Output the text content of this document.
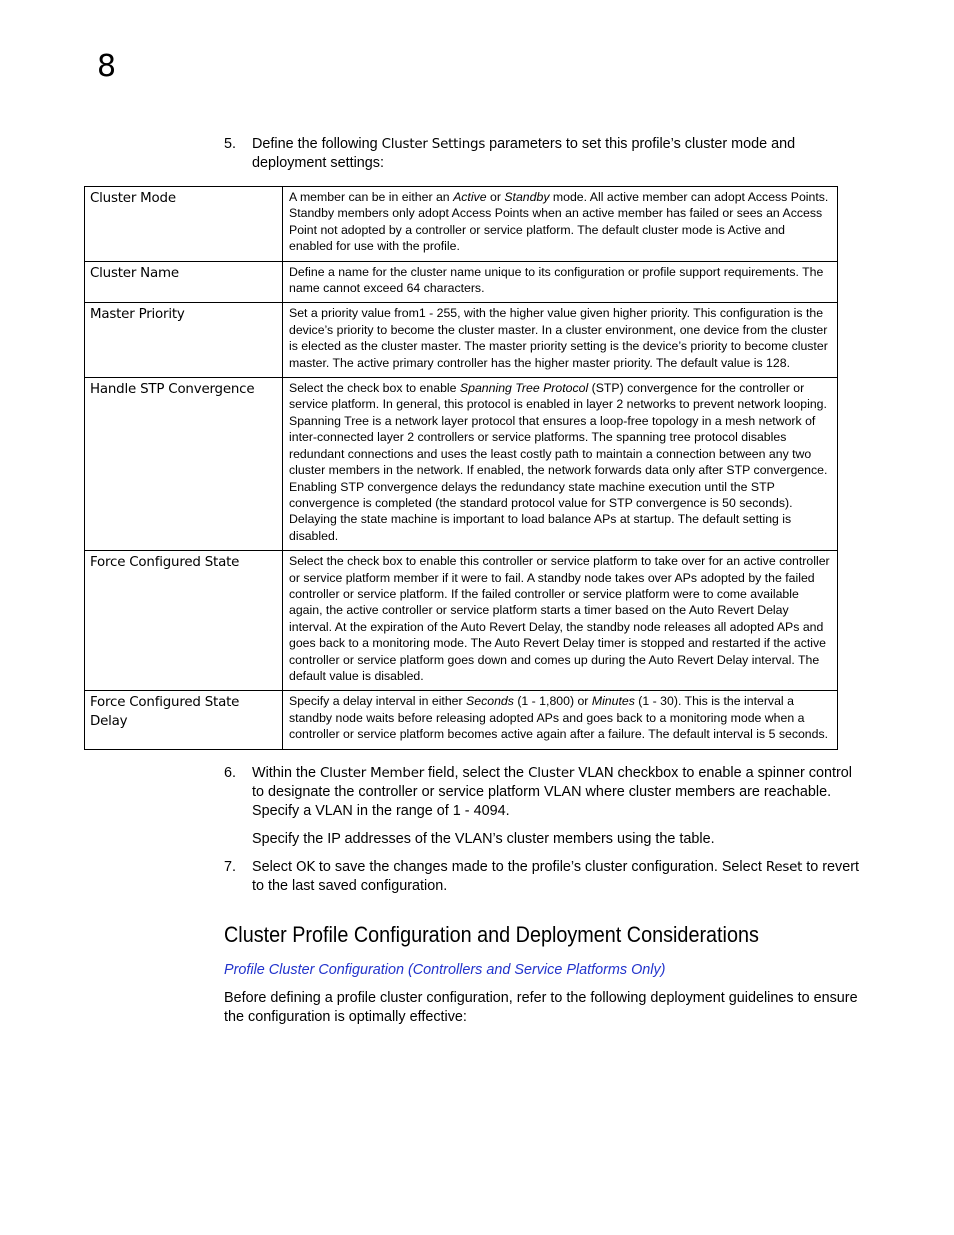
8
5. Define the following Cluster Settings parameters to set this profile’s cluster mode and deployment settings:
Cluster Mode	A member can be in either an Active or Standby mode. All active member can adopt Access Points. Standby members only adopt Access Points when an active member has failed or sees an Access Point not adopted by a controller or service platform. The default cluster mode is Active and enabled for use with the profile.
Cluster Name	Define a name for the cluster name unique to its configuration or profile support requirements. The name cannot exceed 64 characters.
Master Priority	Set a priority value from1 - 255, with the higher value given higher priority. This configuration is the device’s priority to become the cluster master. In a cluster environment, one device from the cluster is elected as the cluster master. The master priority setting is the device’s priority to become cluster master. The active primary controller has the higher master priority. The default value is 128.
Handle STP Convergence	Select the check box to enable Spanning Tree Protocol (STP) convergence for the controller or service platform. In general, this protocol is enabled in layer 2 networks to prevent network looping. Spanning Tree is a network layer protocol that ensures a loop-free topology in a mesh network of inter-connected layer 2 controllers or service platforms. The spanning tree protocol disables redundant connections and uses the least costly path to maintain a connection between any two cluster members in the network. If enabled, the network forwards data only after STP convergence. Enabling STP convergence delays the redundancy state machine execution until the STP convergence is completed (the standard protocol value for STP convergence is 50 seconds). Delaying the state machine is important to load balance APs at startup. The default setting is disabled.
Force Configured State	Select the check box to enable this controller or service platform to take over for an active controller or service platform member if it were to fail. A standby node takes over APs adopted by the failed controller or service platform. If the failed controller or service platform were to come available again, the active controller or service platform starts a timer based on the Auto Revert Delay interval. At the expiration of the Auto Revert Delay, the standby node releases all adopted APs and goes back to a monitoring mode. The Auto Revert Delay timer is stopped and restarted if the active controller or service platform goes down and comes up during the Auto Revert Delay interval. The default value is disabled.
Force Configured State Delay	Specify a delay interval in either Seconds (1 - 1,800) or Minutes (1 - 30). This is the interval a standby node waits before releasing adopted APs and goes back to a monitoring mode when a controller or service platform becomes active again after a failure. The default interval is 5 seconds.
6. Within the Cluster Member field, select the Cluster VLAN checkbox to enable a spinner control to designate the controller or service platform VLAN where cluster members are reachable. Specify a VLAN in the range of 1 - 4094.
Specify the IP addresses of the VLAN’s cluster members using the table.
7. Select OK to save the changes made to the profile’s cluster configuration. Select Reset to revert to the last saved configuration.
Cluster Profile Configuration and Deployment Considerations
Profile Cluster Configuration (Controllers and Service Platforms Only)
Before defining a profile cluster configuration, refer to the following deployment guidelines to ensure the configuration is optimally effective:
